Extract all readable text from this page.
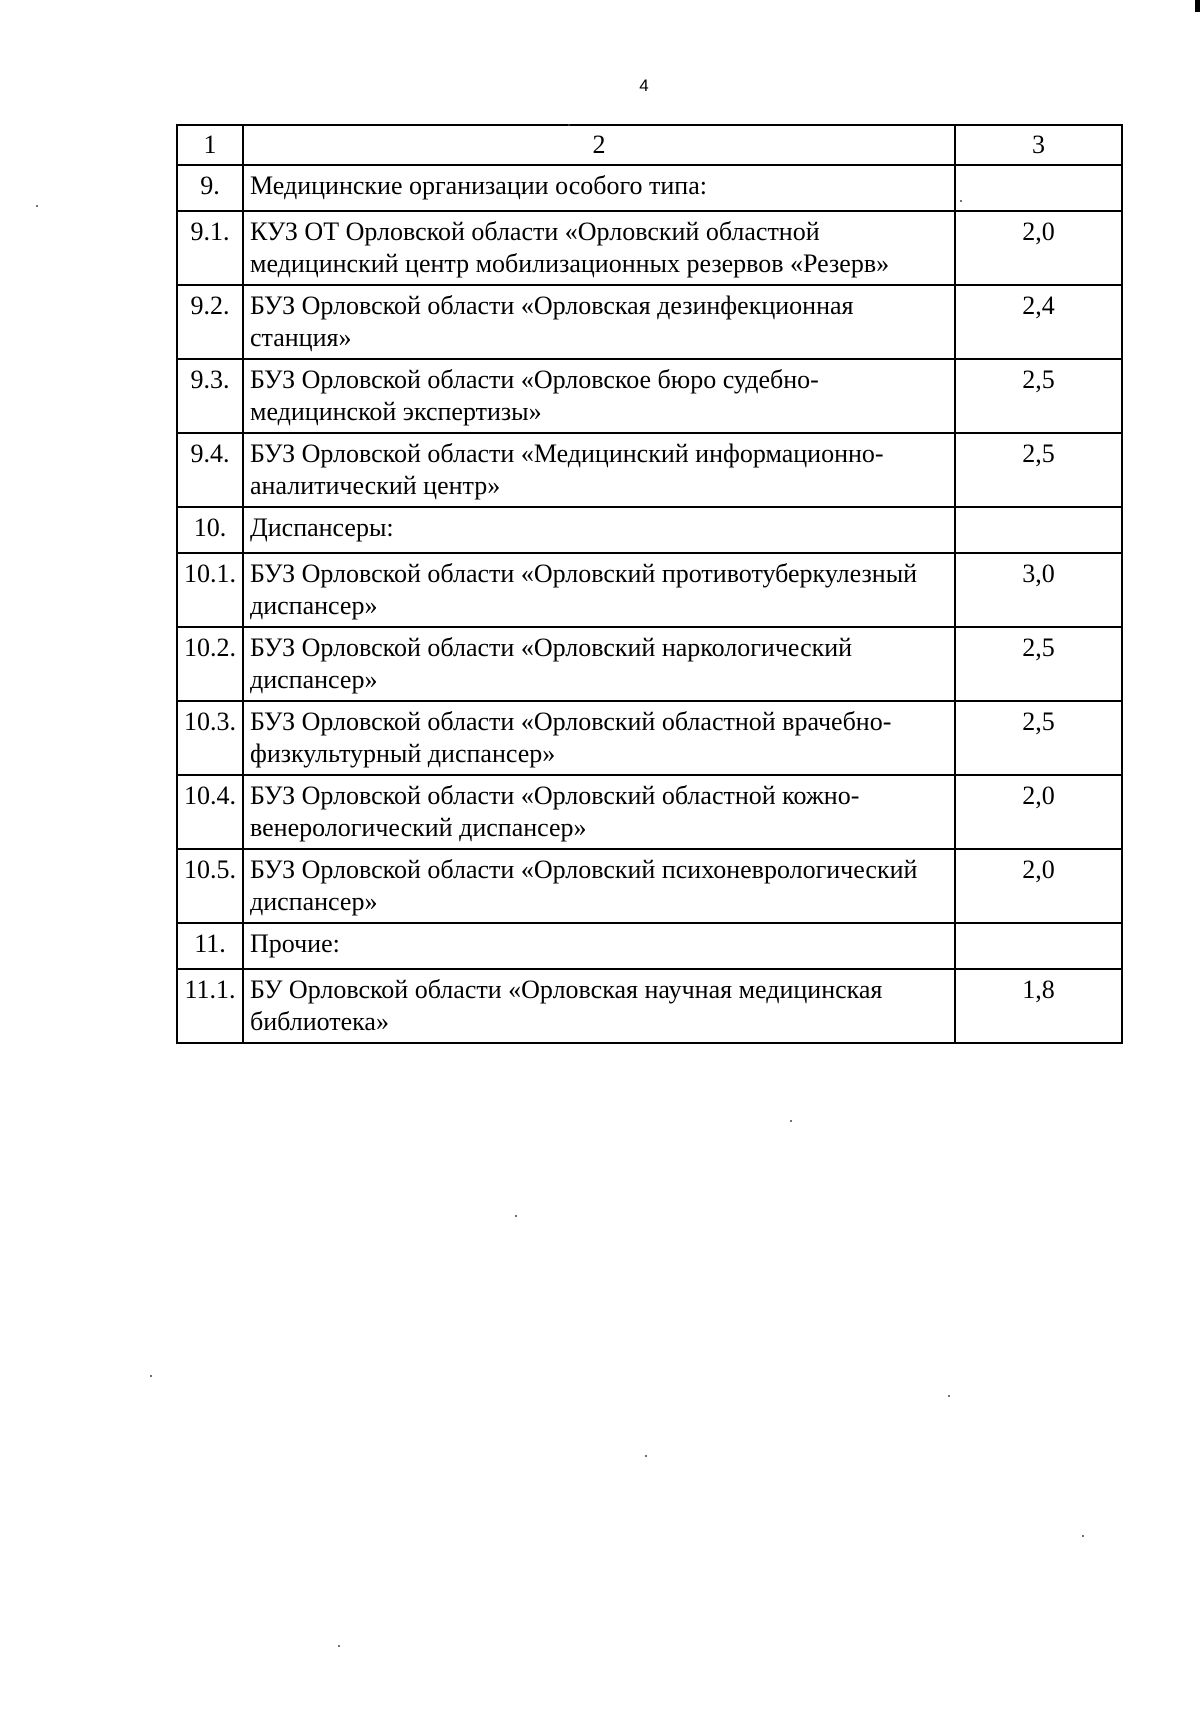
4
1	2	3
9.	Медицинские организации особого типа:	
9.1.	КУЗ ОТ Орловской области «Орловский областной медицинский центр мобилизационных резервов «Резерв»	2,0
9.2.	БУЗ Орловской области «Орловская дезинфекционная станция»	2,4
9.3.	БУЗ Орловской области «Орловское бюро судебно-медицинской экспертизы»	2,5
9.4.	БУЗ Орловской области «Медицинский информационно-аналитический центр»	2,5
10.	Диспансеры:	
10.1.	БУЗ Орловской области «Орловский противотуберкулезный диспансер»	3,0
10.2.	БУЗ Орловской области «Орловский наркологический диспансер»	2,5
10.3.	БУЗ Орловской области «Орловский областной врачебно-физкультурный диспансер»	2,5
10.4.	БУЗ Орловской области «Орловский областной кожно-венерологический диспансер»	2,0
10.5.	БУЗ Орловской области «Орловский психоневрологический диспансер»	2,0
11.	Прочие:	
11.1.	БУ Орловской области «Орловская научная медицинская библиотека»	1,8
